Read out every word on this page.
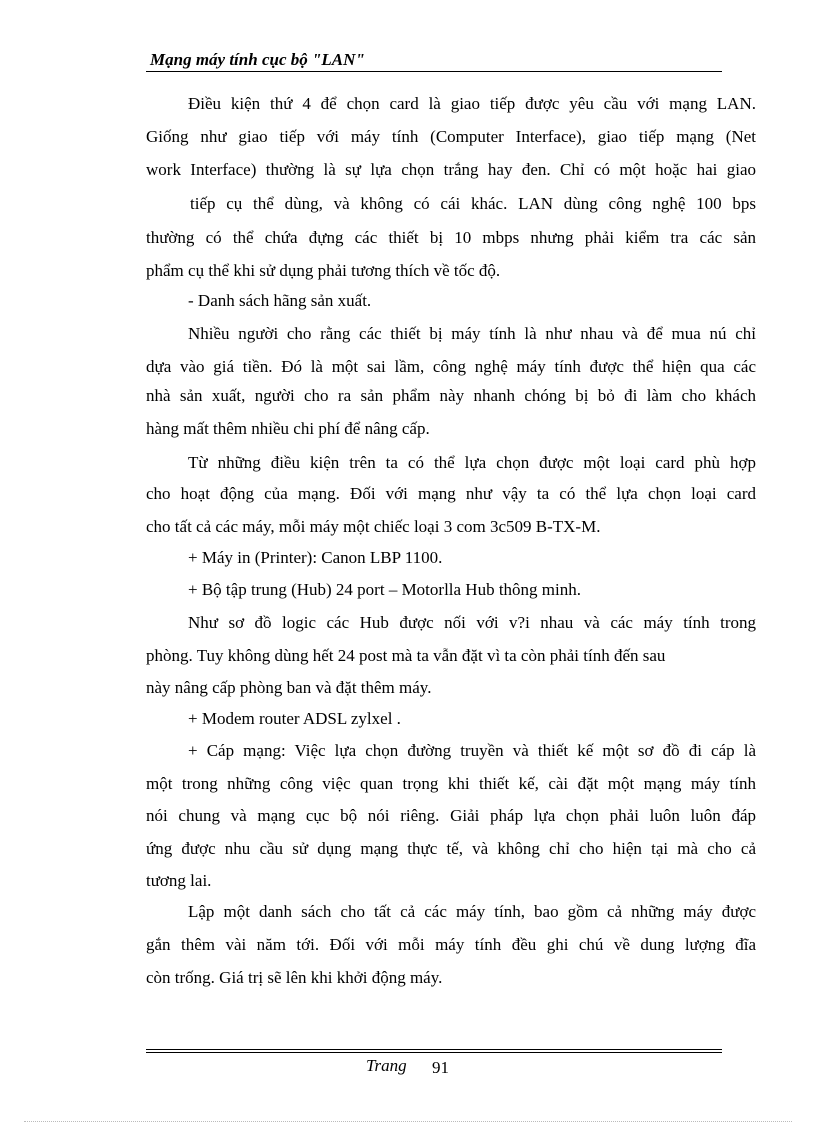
Mạng máy tính cục bộ "LAN"
Điều kiện thứ 4 để chọn card là giao tiếp được yêu cầu với mạng LAN.
Giống như giao tiếp với máy tính (Computer Interface), giao tiếp mạng (Net
work Interface) thường là sự lựa chọn trắng hay đen. Chỉ có một hoặc hai giao
tiếp cụ thể dùng, và không có cái khác. LAN dùng công nghệ 100 bps
thường có thể chứa đựng các thiết bị 10 mbps nhưng phải kiểm tra các sản
phẩm cụ thể khi sử dụng phải tương thích về tốc độ.
- Danh sách hãng sản xuất.
Nhiều người cho rằng các thiết bị máy tính là như nhau và để mua nú chỉ
dựa vào giá tiền. Đó là một sai lầm, công nghệ máy tính được thể hiện qua các
nhà sản xuất, người cho ra sản phẩm này nhanh chóng bị bỏ đi làm cho khách
hàng mất thêm nhiều chi phí để nâng cấp.
Từ những điều kiện trên ta có thể lựa chọn được một loại card phù hợp
cho hoạt động của mạng. Đối với mạng như vậy ta có thể lựa chọn loại card
cho tất cả các máy, mỗi máy một chiếc loại 3 com 3c509 B-TX-M.
+ Máy in (Printer): Canon LBP 1100.
+ Bộ tập trung (Hub) 24 port – Motorlla Hub thông minh.
Như sơ đồ logic các Hub được nối với v?i nhau và các máy tính trong
phòng. Tuy không dùng hết 24 post mà ta vẫn đặt vì ta còn phải tính đến sau
này nâng cấp phòng ban và đặt thêm máy.
+ Modem router ADSL zylxel .
+ Cáp mạng: Việc lựa chọn đường truyền và thiết kế một sơ đồ đi cáp là
một trong những công việc quan trọng khi thiết kế, cài đặt một mạng máy tính
nói chung và mạng cục bộ nói riêng. Giải pháp lựa chọn phải luôn luôn đáp
ứng được nhu cầu sử dụng mạng thực tế, và không chỉ cho hiện tại mà cho cả
tương lai.
Lập một danh sách cho tất cả các máy tính, bao gồm cả những máy được
gắn thêm vài năm tới. Đối với mỗi máy tính đều ghi chú về dung lượng đĩa
còn trống. Giá trị sẽ lên khi khởi động máy.
Trang 91
